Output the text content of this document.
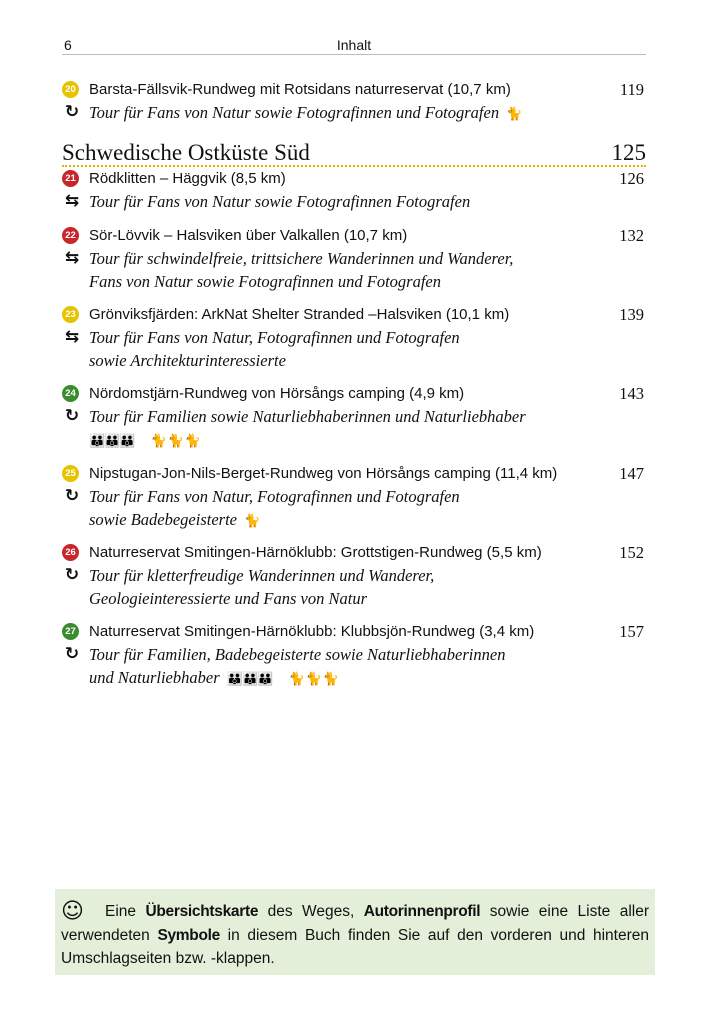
6	Inhalt
20 Barsta-Fällsvik-Rundweg mit Rotsidans naturreservat (10,7 km)	119
↻ Tour für Fans von Natur sowie Fotografinnen und Fotografen  🐈
Schwedische Ostküste Süd	125
21 Rödklitten – Häggvik (8,5 km)	126
⇆ Tour für Fans von Natur sowie Fotografinnen Fotografen
22 Sör-Lövvik – Halsviken über Valkallen (10,7 km)	132
⇆ Tour für schwindelfreie, trittsichere Wanderinnen und Wanderer,
Fans von Natur sowie Fotografinnen und Fotografen
23 Grönviksfjärden: ArkNat Shelter Stranded –Halsviken (10,1 km)	139
⇆ Tour für Fans von Natur, Fotografinnen und Fotografen
sowie Architekturinteressierte
24 Nördomstjärn-Rundweg von Hörsångs camping (4,9 km)	143
↻ Tour für Familien sowie Naturliebhaberinnen und Naturliebhaber
👪👪👪 🐈🐈🐈
25 Nipstugan-Jon-Nils-Berget-Rundweg von Hörsångs camping (11,4 km)	147
↻ Tour für Fans von Natur, Fotografinnen und Fotografen
sowie Badebegeisterte  🐈
26 Naturreservat Smitingen-Härnöklubb: Grottstigen-Rundweg (5,5 km)	152
↻ Tour für kletterfreudige Wanderinnen und Wanderer,
Geologieinteressierte und Fans von Natur
27 Naturreservat Smitingen-Härnöklubb: Klubbsjön-Rundweg (3,4 km)	157
↻ Tour für Familien, Badebegeisterte sowie Naturliebhaberinnen
und Naturliebhaber  👪👪👪 🐈🐈🐈
☺ Eine Übersichtskarte des Weges, Autorinnenprofil sowie eine Liste aller verwendeten Symbole in diesem Buch finden Sie auf den vorderen und hinteren Umschlagseiten bzw. -klappen.
